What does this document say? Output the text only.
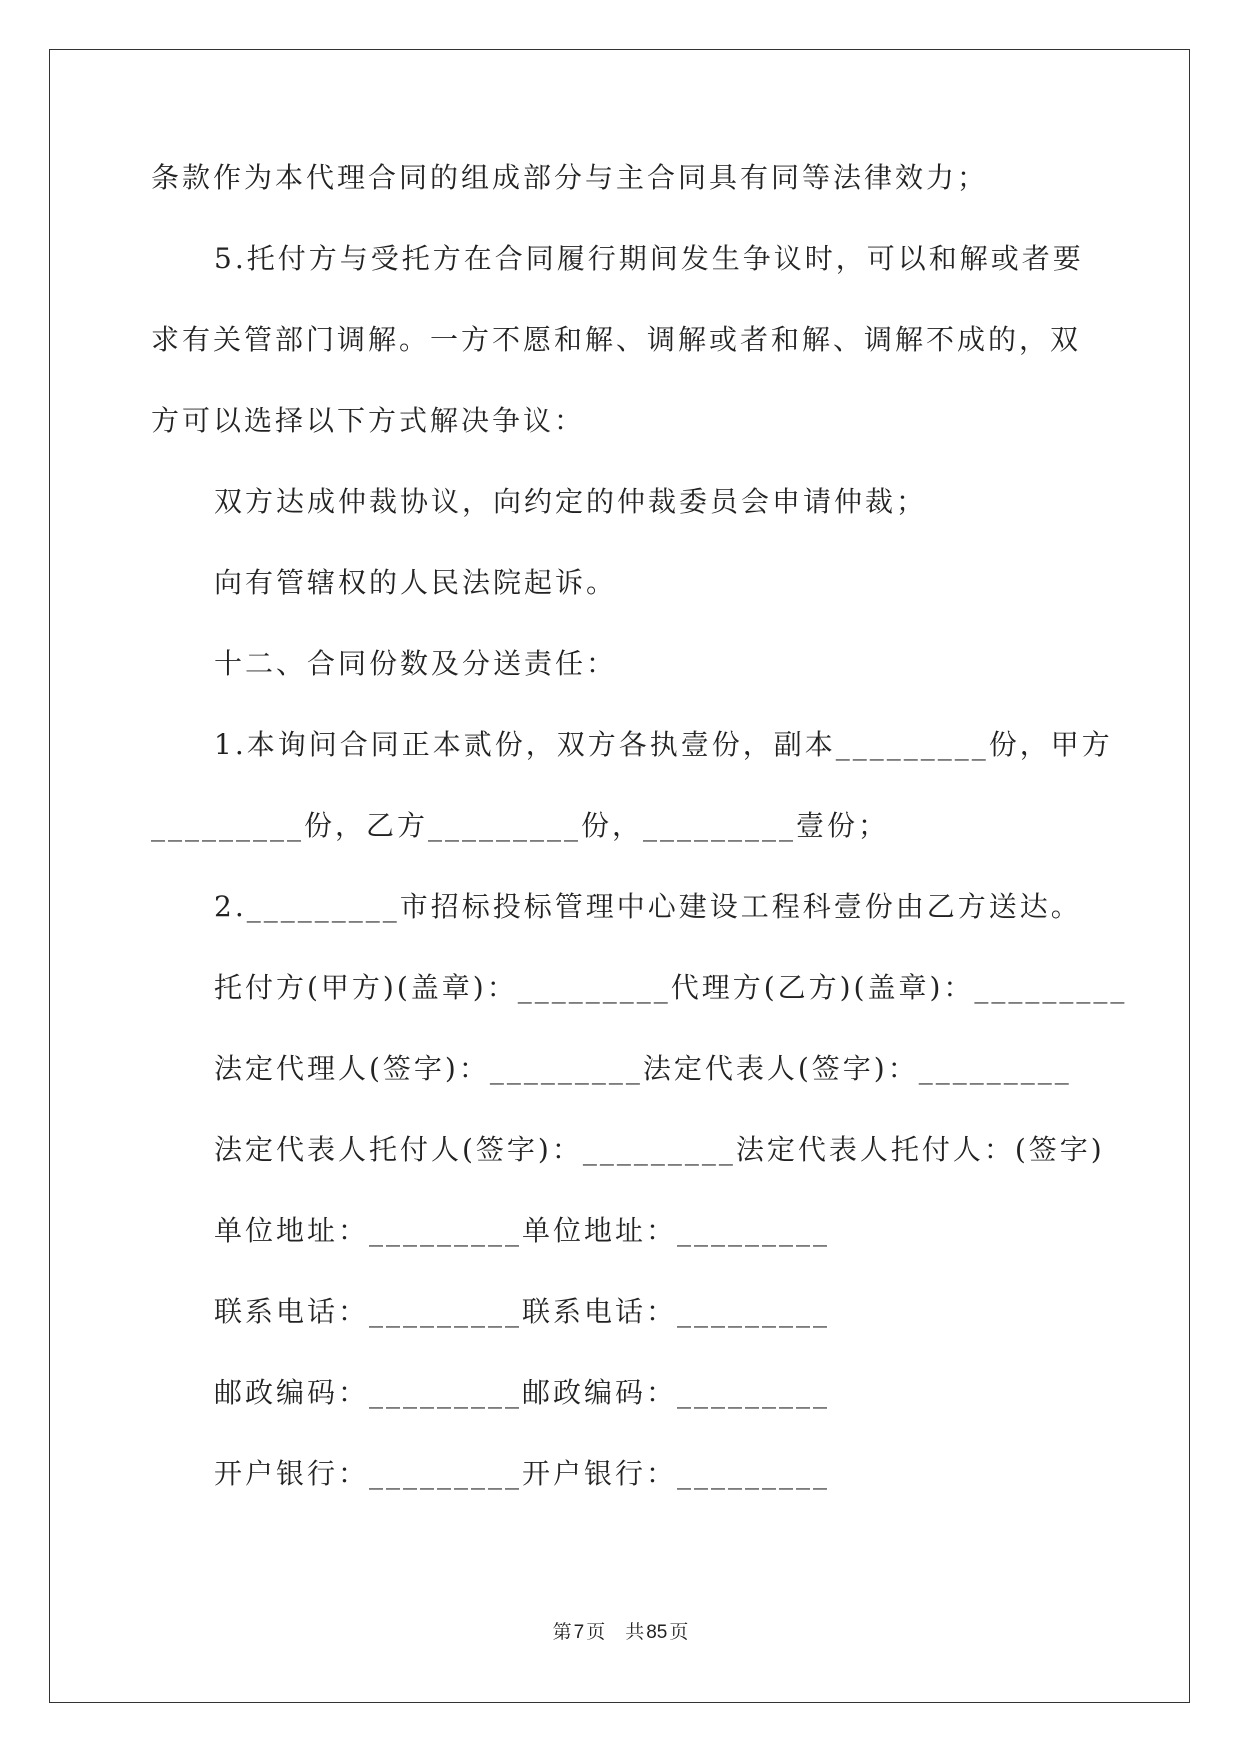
条款作为本代理合同的组成部分与主合同具有同等法律效力；
5.托付方与受托方在合同履行期间发生争议时，可以和解或者要
求有关管部门调解。一方不愿和解、调解或者和解、调解不成的，双
方可以选择以下方式解决争议：
双方达成仲裁协议，向约定的仲裁委员会申请仲裁；
向有管辖权的人民法院起诉。
十二、合同份数及分送责任：
1.本询问合同正本贰份，双方各执壹份，副本_________份，甲方
_________份，乙方_________份，_________壹份；
2._________市招标投标管理中心建设工程科壹份由乙方送达。
托付方(甲方)(盖章)：_________代理方(乙方)(盖章)：_________
法定代理人(签字)：_________法定代表人(签字)：_________
法定代表人托付人(签字)：_________法定代表人托付人：(签字)
单位地址：_________单位地址：_________
联系电话：_________联系电话：_________
邮政编码：_________邮政编码：_________
开户银行：_________开户银行：_________
第 7 页 共 85 页
